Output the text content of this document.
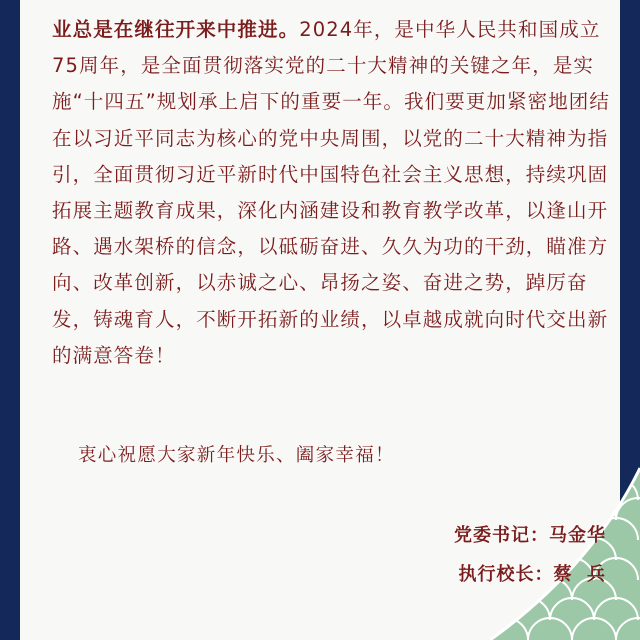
业总是在继往开来中推进。2024年，是中华人民共和国成立75周年，是全面贯彻落实党的二十大精神的关键之年，是实施“十四五”规划承上启下的重要一年。我们要更加紧密地团结在以习近平同志为核心的党中央周围，以党的二十大精神为指引，全面贯彻习近平新时代中国特色社会主义思想，持续巩固拓展主题教育成果，深化内涵建设和教育教学改革，以逢山开路、遇水架桥的信念，以砥砺奋进、久久为功的干劲，瞄准方向、改革创新，以赤诚之心、昂扬之姿、奋进之势，踔厉奋发，铸魂育人，不断开拓新的业绩，以卓越成就向时代交出新的满意答卷！

衷心祝愿大家新年快乐、阖家幸福！

党委书记：马金华
执行校长：蔡  兵
